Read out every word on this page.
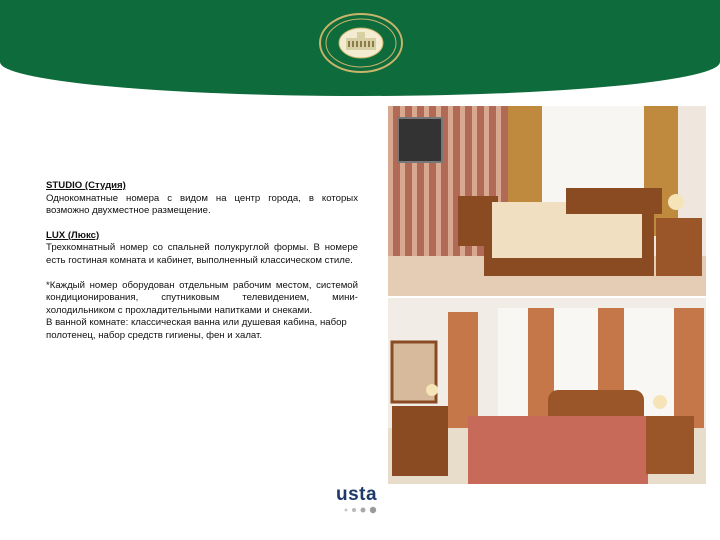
STUDIO (Студия)
Однокомнатные номера с видом на центр города, в которых возможно двухместное размещение.

LUX (Люкс)
Трехкомнатный номер со спальней полукруглой формы. В номере есть гостиная комната и кабинет, выполненный классическом стиле.

*Каждый номер оборудован отдельным рабочим местом, системой кондиционирования, спутниковым телевидением, мини-холодильником с прохладительными напитками и снеками.

В ванной комнате: классическая ванна или душевая кабина, набор полотенец, набор средств гигиены, фен и халат.

usta
